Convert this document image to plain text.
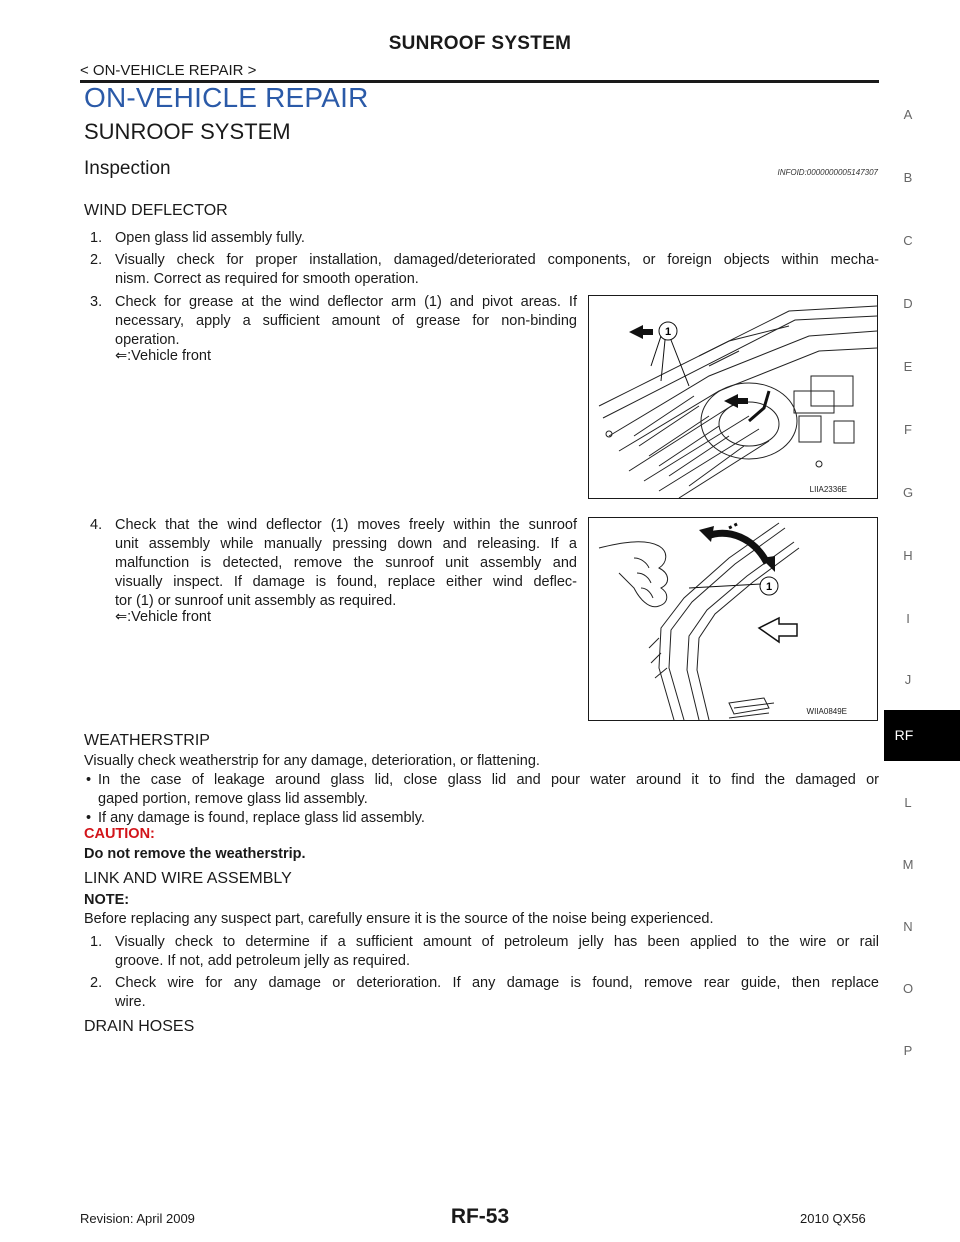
SUNROOF SYSTEM
< ON-VEHICLE REPAIR >
ON-VEHICLE REPAIR
SUNROOF SYSTEM
Inspection	INFOID:0000000005147307
WIND DEFLECTOR
1. Open glass lid assembly fully.
2. Visually check for proper installation, damaged/deteriorated components, or foreign objects within mecha-
nism. Correct as required for smooth operation.
3. Check for grease at the wind deflector arm (1) and pivot areas. If
necessary, apply a sufficient amount of grease for non-binding
operation.
⇐:Vehicle front
1
LIIA2336E
4. Check that the wind deflector (1) moves freely within the sunroof
unit assembly while manually pressing down and releasing. If a
malfunction is detected, remove the sunroof unit assembly and
visually inspect. If damage is found, replace either wind deflec-
tor (1) or sunroof unit assembly as required.
⇐:Vehicle front
1
WIIA0849E
WEATHERSTRIP
Visually check weatherstrip for any damage, deterioration, or flattening.
• In the case of leakage around glass lid, close glass lid and pour water around it to find the damaged or
gaped portion, remove glass lid assembly.
• If any damage is found, replace glass lid assembly.
CAUTION:
Do not remove the weatherstrip.
LINK AND WIRE ASSEMBLY
NOTE:
Before replacing any suspect part, carefully ensure it is the source of the noise being experienced.
1. Visually check to determine if a sufficient amount of petroleum jelly has been applied to the wire or rail
groove. If not, add petroleum jelly as required.
2. Check wire for any damage or deterioration. If any damage is found, remove rear guide, then replace
wire.
DRAIN HOSES
A
B
C
D
E
F
G
H
I
J
RF
L
M
N
O
P
RF-53
Revision: April 2009	2010 QX56
